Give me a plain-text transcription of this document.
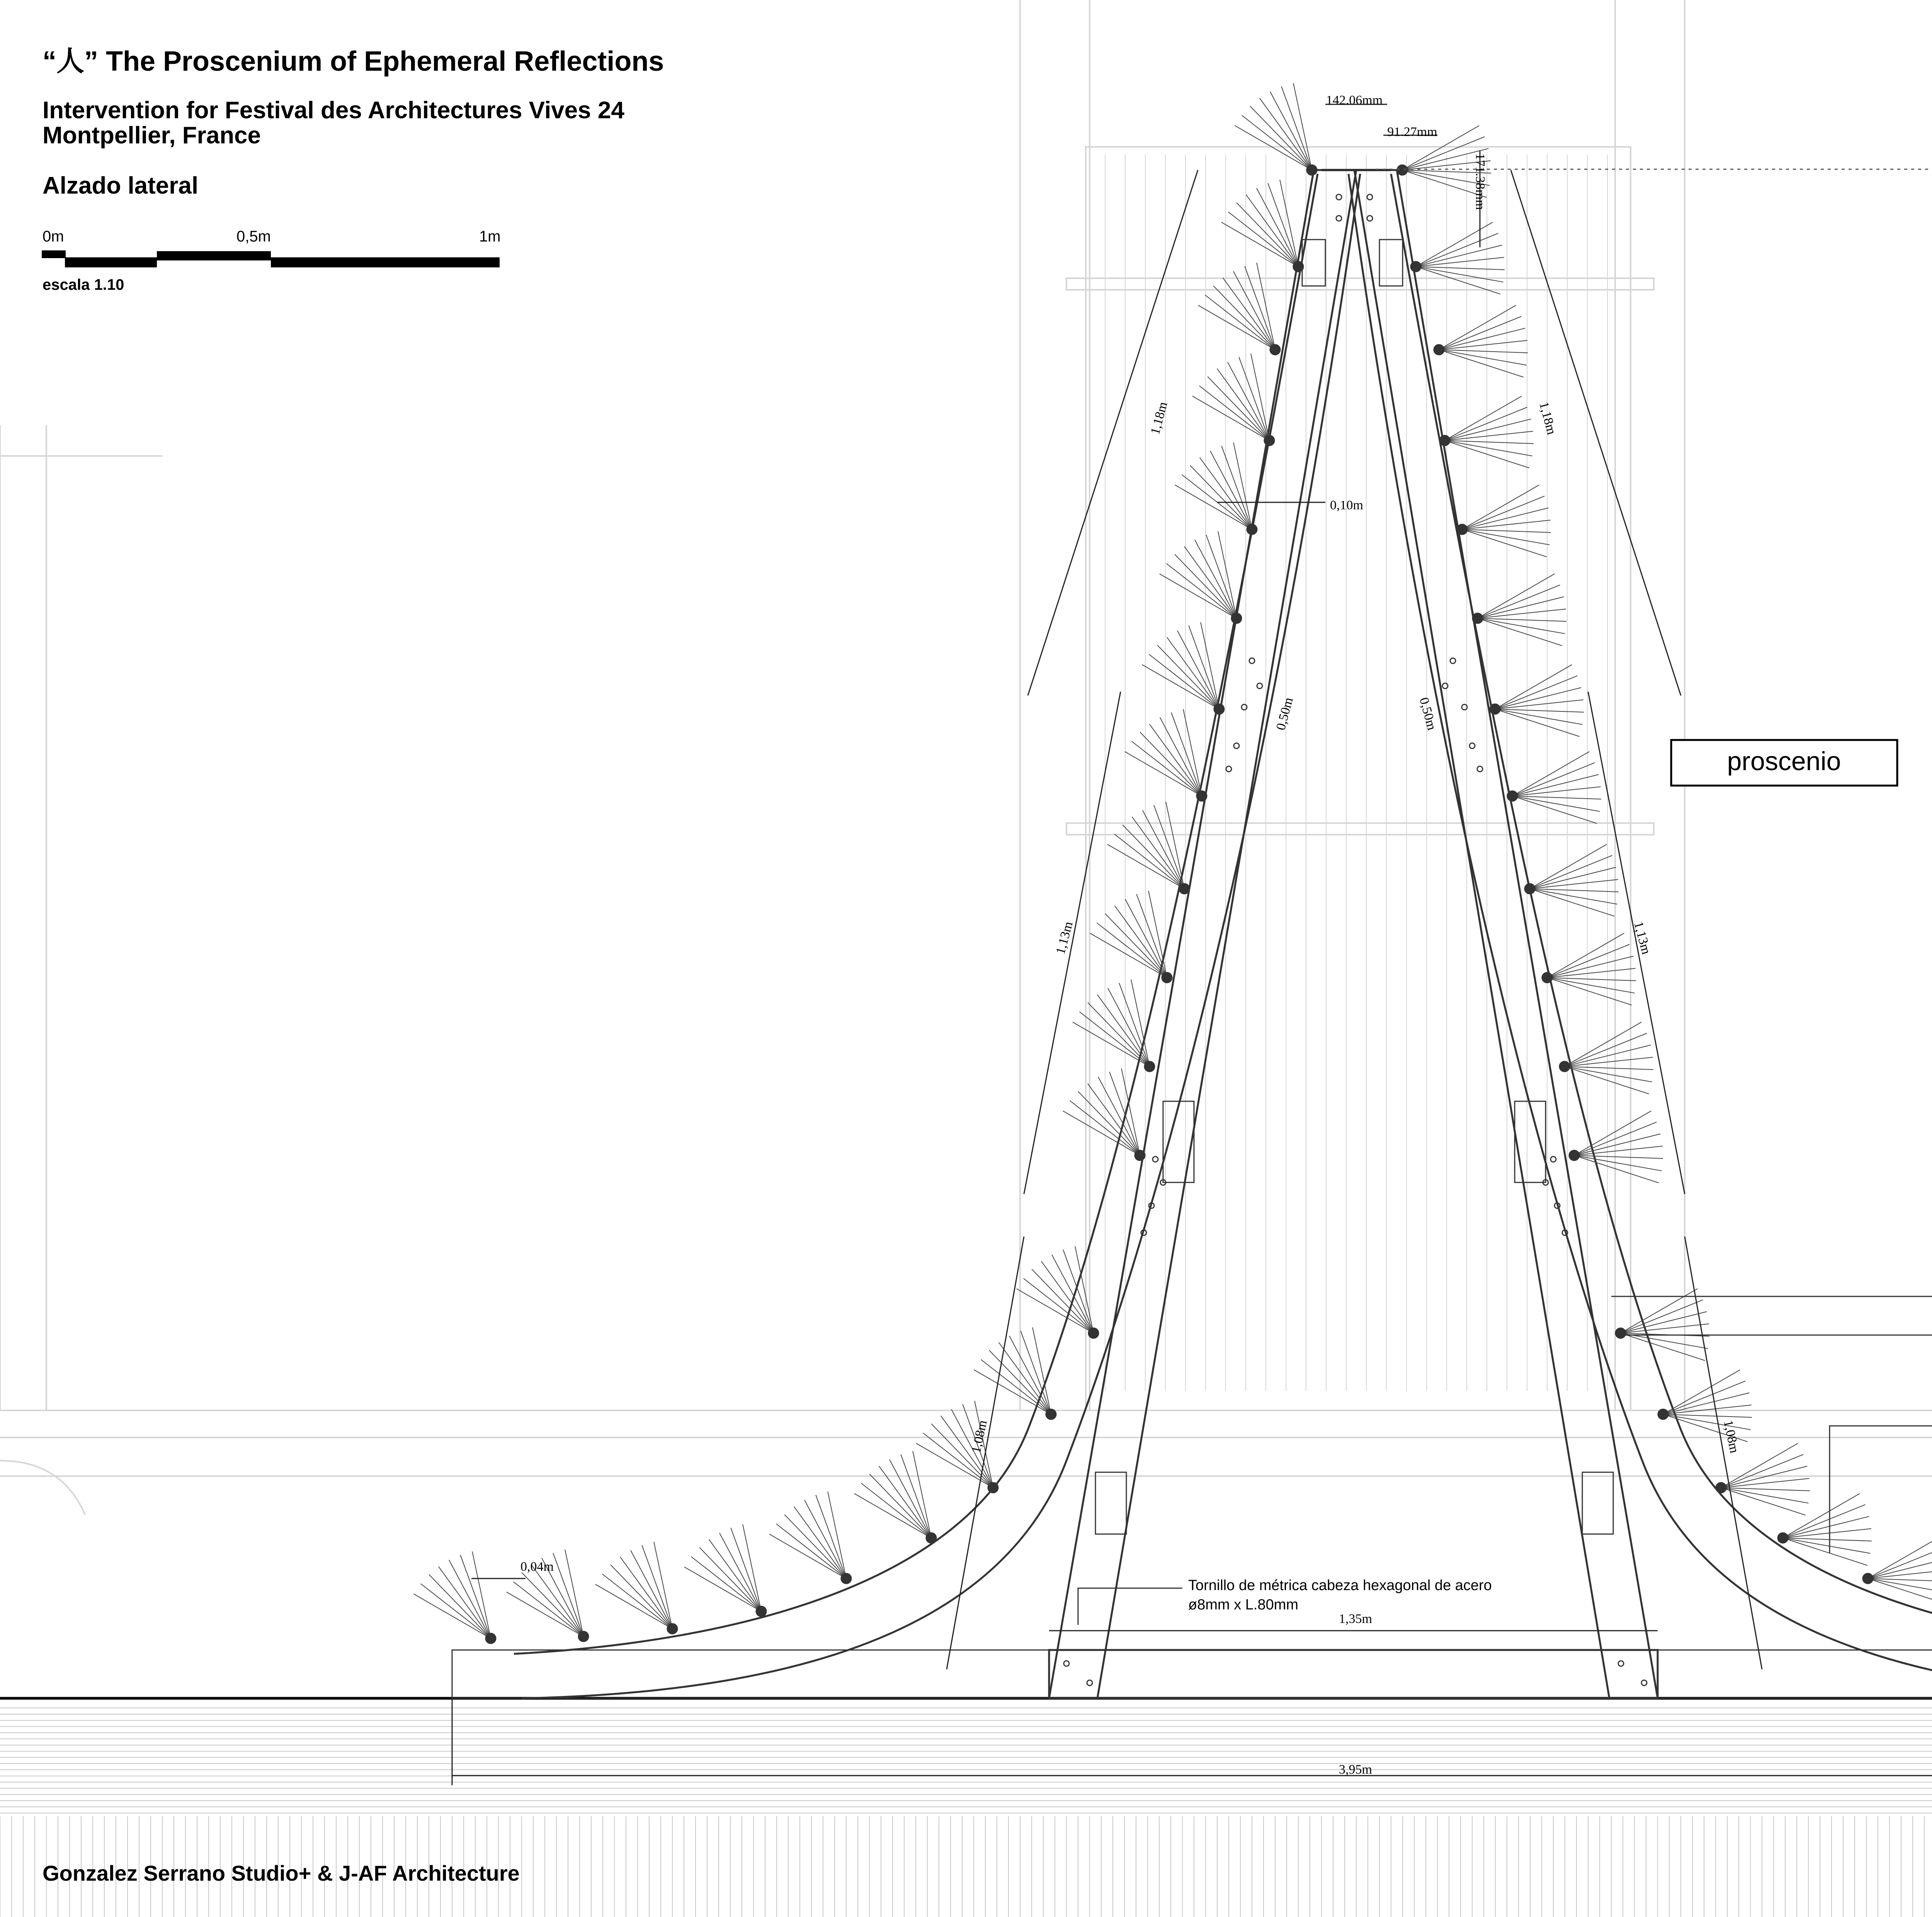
0m	0,5m	1m
escala 1.10
proscenio
Tornillo de métrica cabeza hexagonal de acero
ø8mm x L.80mm
142.06mm
91.27mm
171.38mm
1,18m	1,18m
0,10m
0,50m	0,50m
1,13m	1,13m
1,08m	1,08m
0,04m
1,35m
3,95m
“人” The Proscenium of Ephemeral Reflections
Intervention for Festival des Architectures Vives 24
Montpellier, France
Alzado lateral
Gonzalez Serrano Studio+ & J-AF Architecture
